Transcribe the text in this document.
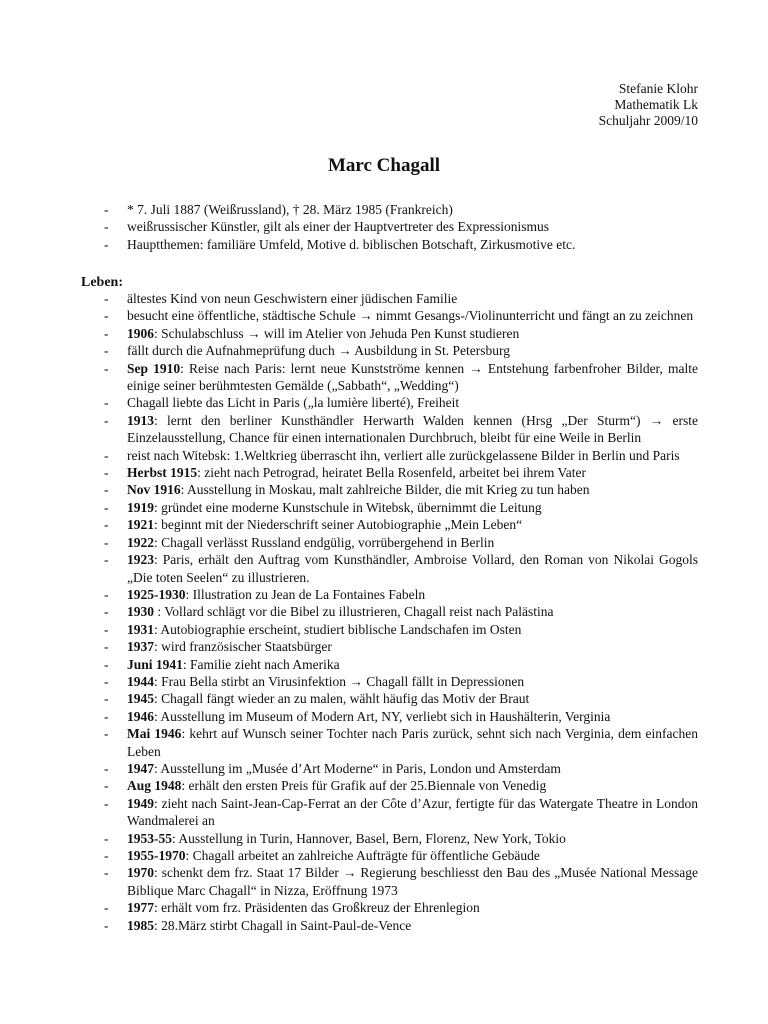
Stefanie Klohr
Mathematik Lk
Schuljahr 2009/10
Marc Chagall
- * 7. Juli 1887 (Weißrussland), † 28. März 1985 (Frankreich)
- weißrussischer Künstler, gilt als einer der Hauptvertreter des Expressionismus
- Hauptthemen: familiäre Umfeld, Motive d. biblischen Botschaft, Zirkusmotive etc.
Leben:
- ältestes Kind von neun Geschwistern einer jüdischen Familie
- besucht eine öffentliche, städtische Schule → nimmt Gesangs-/Violinunterricht und fängt an zu zeichnen
- 1906: Schulabschluss → will im Atelier von Jehuda Pen Kunst studieren
- fällt durch die Aufnahmeprüfung duch → Ausbildung in St. Petersburg
- Sep 1910: Reise nach Paris: lernt neue Kunstströme kennen → Entstehung farbenfroher Bilder, malte einige seiner berühmtesten Gemälde („Sabbath“, „Wedding“)
- Chagall liebte das Licht in Paris („la lumière liberté), Freiheit
- 1913: lernt den berliner Kunsthändler Herwarth Walden kennen (Hrsg „Der Sturm“) → erste Einzelausstellung, Chance für einen internationalen Durchbruch, bleibt für eine Weile in Berlin
- reist nach Witebsk: 1.Weltkrieg überrascht ihn, verliert alle zurückgelassene Bilder in Berlin und Paris
- Herbst 1915: zieht nach Petrograd, heiratet Bella Rosenfeld, arbeitet bei ihrem Vater
- Nov 1916: Ausstellung in Moskau, malt zahlreiche Bilder, die mit Krieg zu tun haben
- 1919: gründet eine moderne Kunstschule in Witebsk, übernimmt die Leitung
- 1921: beginnt mit der Niederschrift seiner Autobiographie „Mein Leben“
- 1922: Chagall verlässt Russland endgülig, vorrübergehend in Berlin
- 1923: Paris, erhält den Auftrag vom Kunsthändler, Ambroise Vollard, den Roman von Nikolai Gogols „Die toten Seelen“ zu illustrieren.
- 1925-1930: Illustration zu Jean de La Fontaines Fabeln
- 1930 : Vollard schlägt vor die Bibel zu illustrieren, Chagall reist nach Palästina
- 1931: Autobiographie erscheint, studiert biblische Landschafen im Osten
- 1937: wird französischer Staatsbürger
- Juni 1941: Familie zieht nach Amerika
- 1944: Frau Bella stirbt an Virusinfektion → Chagall fällt in Depressionen
- 1945: Chagall fängt wieder an zu malen, wählt häufig das Motiv der Braut
- 1946: Ausstellung im Museum of Modern Art, NY, verliebt sich in Haushälterin, Verginia
- Mai 1946: kehrt auf Wunsch seiner Tochter nach Paris zurück, sehnt sich nach Verginia, dem einfachen Leben
- 1947: Ausstellung im „Musée d’Art Moderne“ in Paris, London und Amsterdam
- Aug 1948: erhält den ersten Preis für Grafik auf der 25.Biennale von Venedig
- 1949: zieht nach Saint-Jean-Cap-Ferrat an der Côte d’Azur, fertigte für das Watergate Theatre in London Wandmalerei an
- 1953-55: Ausstellung in Turin, Hannover, Basel, Bern, Florenz, New York, Tokio
- 1955-1970: Chagall arbeitet an zahlreiche Aufträgte für öffentliche Gebäude
- 1970: schenkt dem frz. Staat 17 Bilder → Regierung beschliesst den Bau des „Musée National Message Biblique Marc Chagall“ in Nizza, Eröffnung 1973
- 1977: erhält vom frz. Präsidenten das Großkreuz der Ehrenlegion
- 1985: 28.März stirbt Chagall in Saint-Paul-de-Vence
